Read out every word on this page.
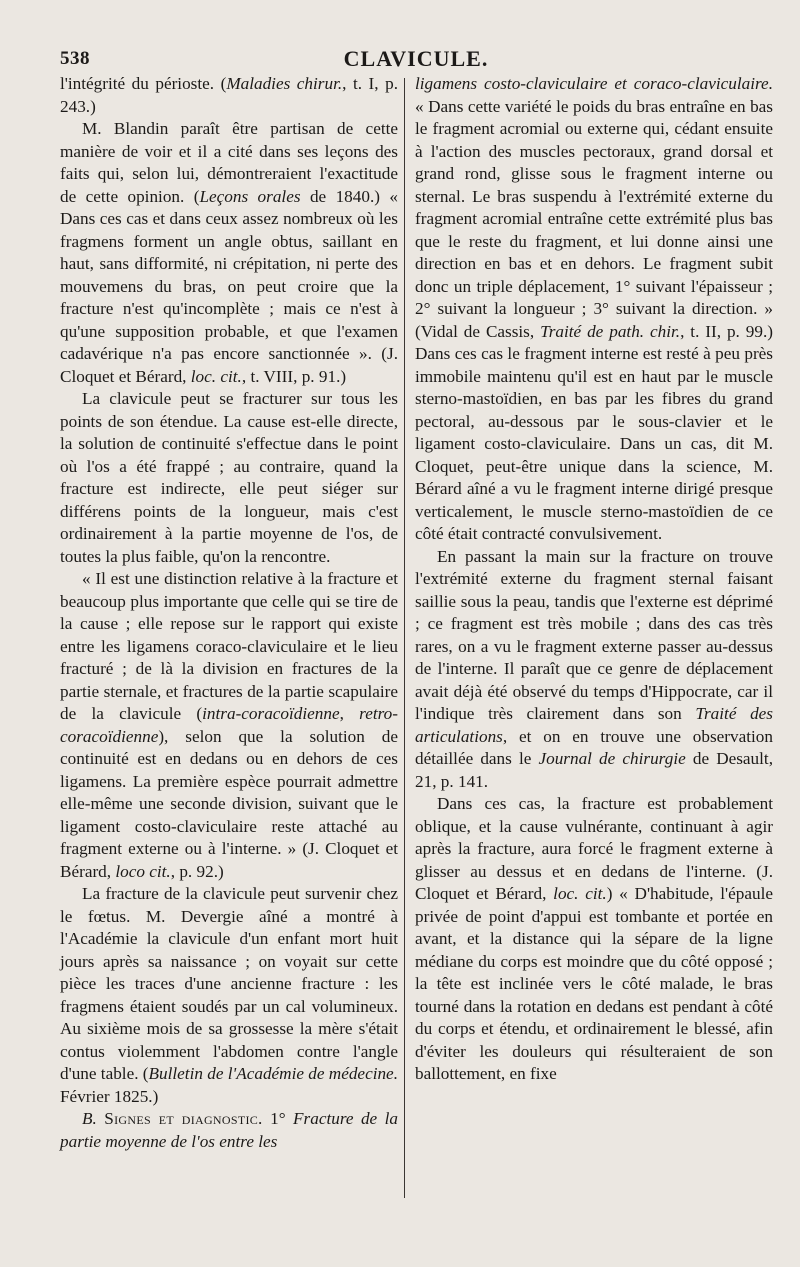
538	CLAVICULE.

l'intégrité du périoste. (Maladies chirur., t. I, p. 243.)

M. Blandin paraît être partisan de cette manière de voir et il a cité dans ses leçons des faits qui, selon lui, démontreraient l'exactitude de cette opinion. (Leçons orales de 1840.) « Dans ces cas et dans ceux assez nombreux où les fragmens forment un angle obtus, saillant en haut, sans difformité, ni crépitation, ni perte des mouvemens du bras, on peut croire que la fracture n'est qu'incomplète ; mais ce n'est à qu'une supposition probable, et que l'examen cadavérique n'a pas encore sanctionnée ». (J. Cloquet et Bérard, loc. cit., t. VIII, p. 91.)

La clavicule peut se fracturer sur tous les points de son étendue. La cause est-elle directe, la solution de continuité s'effectue dans le point où l'os a été frappé ; au contraire, quand la fracture est indirecte, elle peut siéger sur différens points de la longueur, mais c'est ordinairement à la partie moyenne de l'os, de toutes la plus faible, qu'on la rencontre.

« Il est une distinction relative à la fracture et beaucoup plus importante que celle qui se tire de la cause ; elle repose sur le rapport qui existe entre les ligamens coraco-claviculaire et le lieu fracturé ; de là la division en fractures de la partie sternale, et fractures de la partie scapulaire de la clavicule (intra-coracoïdienne, retro-coracoïdienne), selon que la solution de continuité est en dedans ou en dehors de ces ligamens. La première espèce pourrait admettre elle-même une seconde division, suivant que le ligament costo-claviculaire reste attaché au fragment externe ou à l'interne. » (J. Cloquet et Bérard, loco cit., p. 92.)

La fracture de la clavicule peut survenir chez le fœtus. M. Devergie aîné a montré à l'Académie la clavicule d'un enfant mort huit jours après sa naissance ; on voyait sur cette pièce les traces d'une ancienne fracture : les fragmens étaient soudés par un cal volumineux. Au sixième mois de sa grossesse la mère s'était contus violemment l'abdomen contre l'angle d'une table. (Bulletin de l'Académie de médecine. Février 1825.)

B. Signes et diagnostic. 1° Fracture de la partie moyenne de l'os entre les

ligamens costo-claviculaire et coraco-claviculaire. « Dans cette variété le poids du bras entraîne en bas le fragment acromial ou externe qui, cédant ensuite à l'action des muscles pectoraux, grand dorsal et grand rond, glisse sous le fragment interne ou sternal. Le bras suspendu à l'extrémité externe du fragment acromial entraîne cette extrémité plus bas que le reste du fragment, et lui donne ainsi une direction en bas et en dehors. Le fragment subit donc un triple déplacement, 1° suivant l'épaisseur ; 2° suivant la longueur ; 3° suivant la direction. » (Vidal de Cassis, Traité de path. chir., t. II, p. 99.) Dans ces cas le fragment interne est resté à peu près immobile maintenu qu'il est en haut par le muscle sterno-mastoïdien, en bas par les fibres du grand pectoral, au-dessous par le sous-clavier et le ligament costo-claviculaire. Dans un cas, dit M. Cloquet, peut-être unique dans la science, M. Bérard aîné a vu le fragment interne dirigé presque verticalement, le muscle sterno-mastoïdien de ce côté était contracté convulsivement.

En passant la main sur la fracture on trouve l'extrémité externe du fragment sternal faisant saillie sous la peau, tandis que l'externe est déprimé ; ce fragment est très mobile ; dans des cas très rares, on a vu le fragment externe passer au-dessus de l'interne. Il paraît que ce genre de déplacement avait déjà été observé du temps d'Hippocrate, car il l'indique très clairement dans son Traité des articulations, et on en trouve une observation détaillée dans le Journal de chirurgie de Desault, 21, p. 141.

Dans ces cas, la fracture est probablement oblique, et la cause vulnérante, continuant à agir après la fracture, aura forcé le fragment externe à glisser au dessus et en dedans de l'interne. (J. Cloquet et Bérard, loc. cit.) « D'habitude, l'épaule privée de point d'appui est tombante et portée en avant, et la distance qui la sépare de la ligne médiane du corps est moindre que du côté opposé ; la tête est inclinée vers le côté malade, le bras tourné dans la rotation en dedans est pendant à côté du corps et étendu, et ordinairement le blessé, afin d'éviter les douleurs qui résulteraient de son ballottement, en fixe
